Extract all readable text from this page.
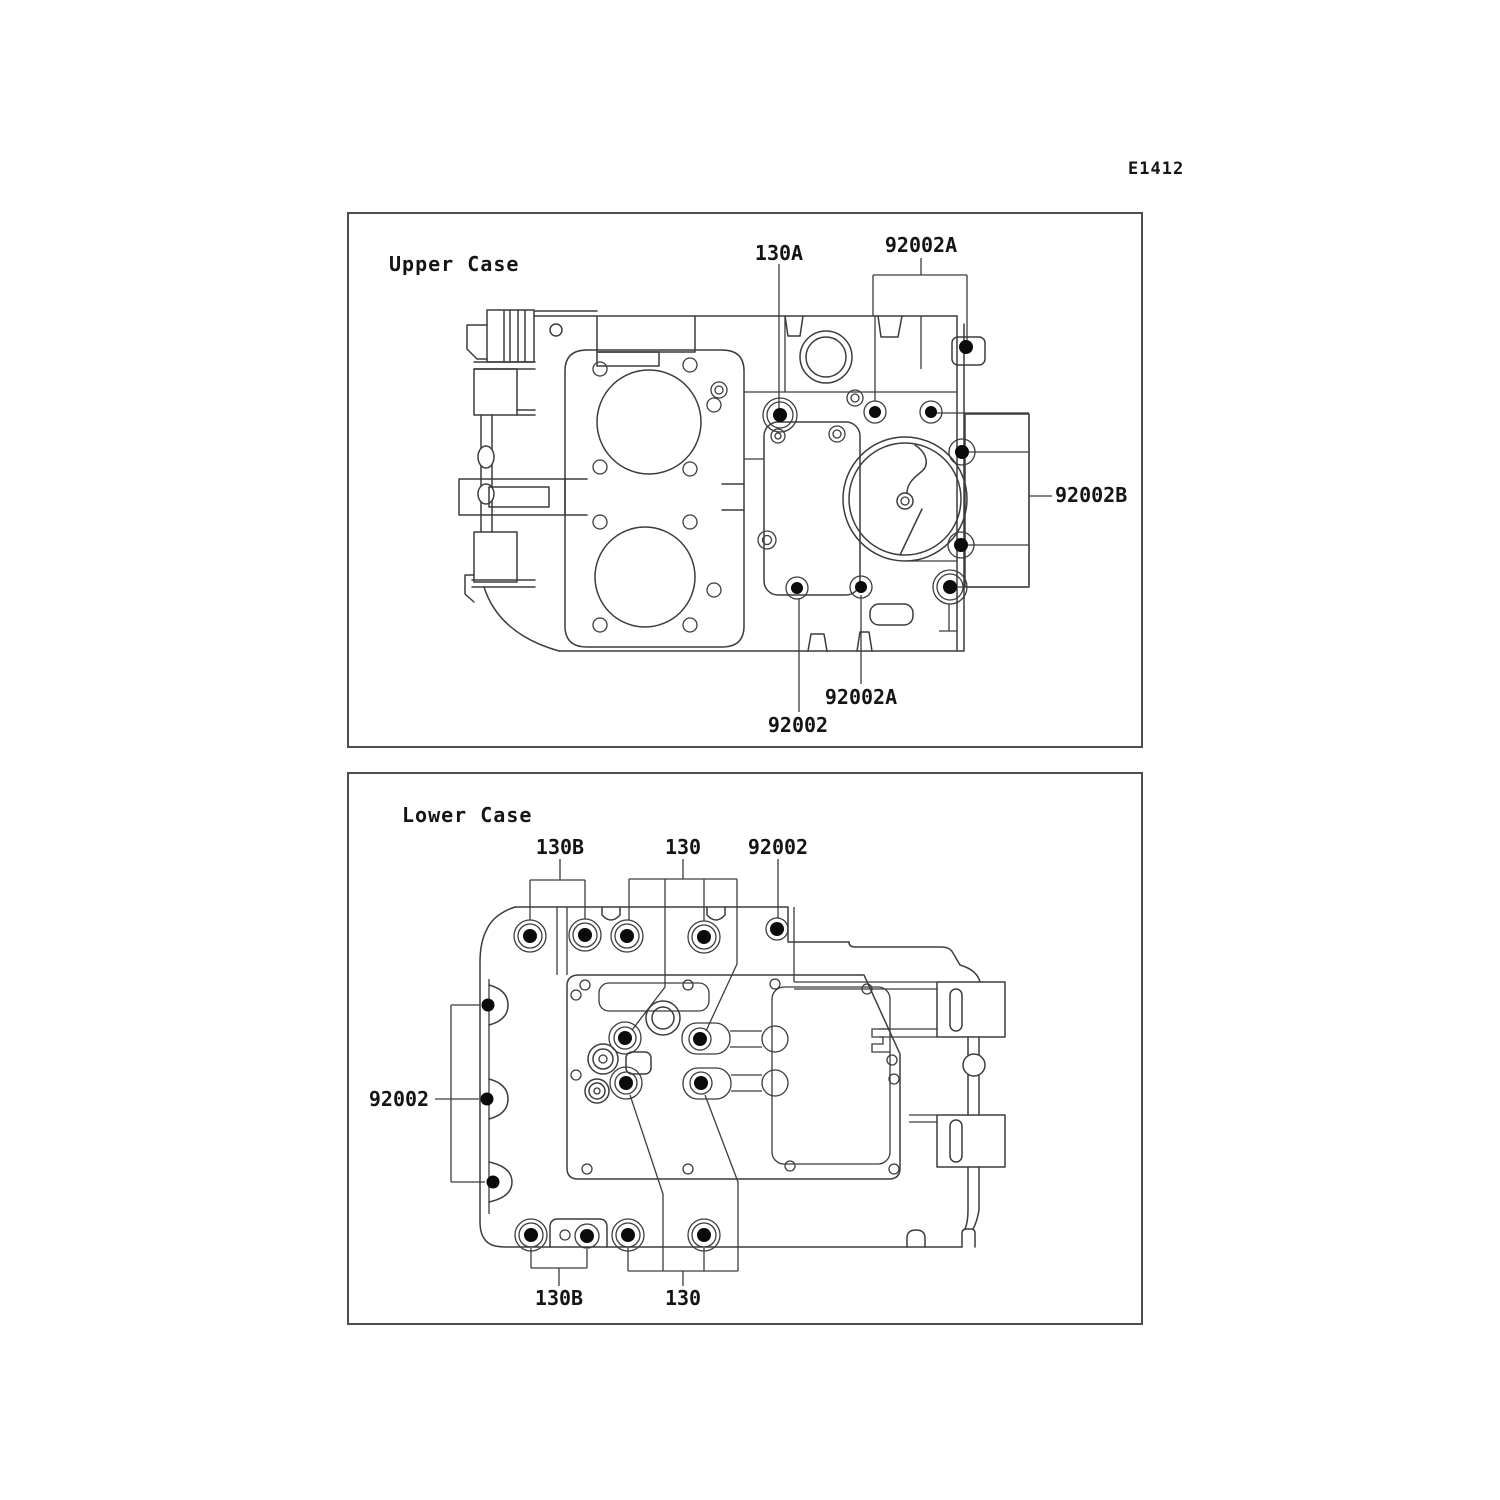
E1412
Upper Case	130A	92002A
92002B
92002A
92002
Lower Case
130B	130 92002
92002
130B	130
